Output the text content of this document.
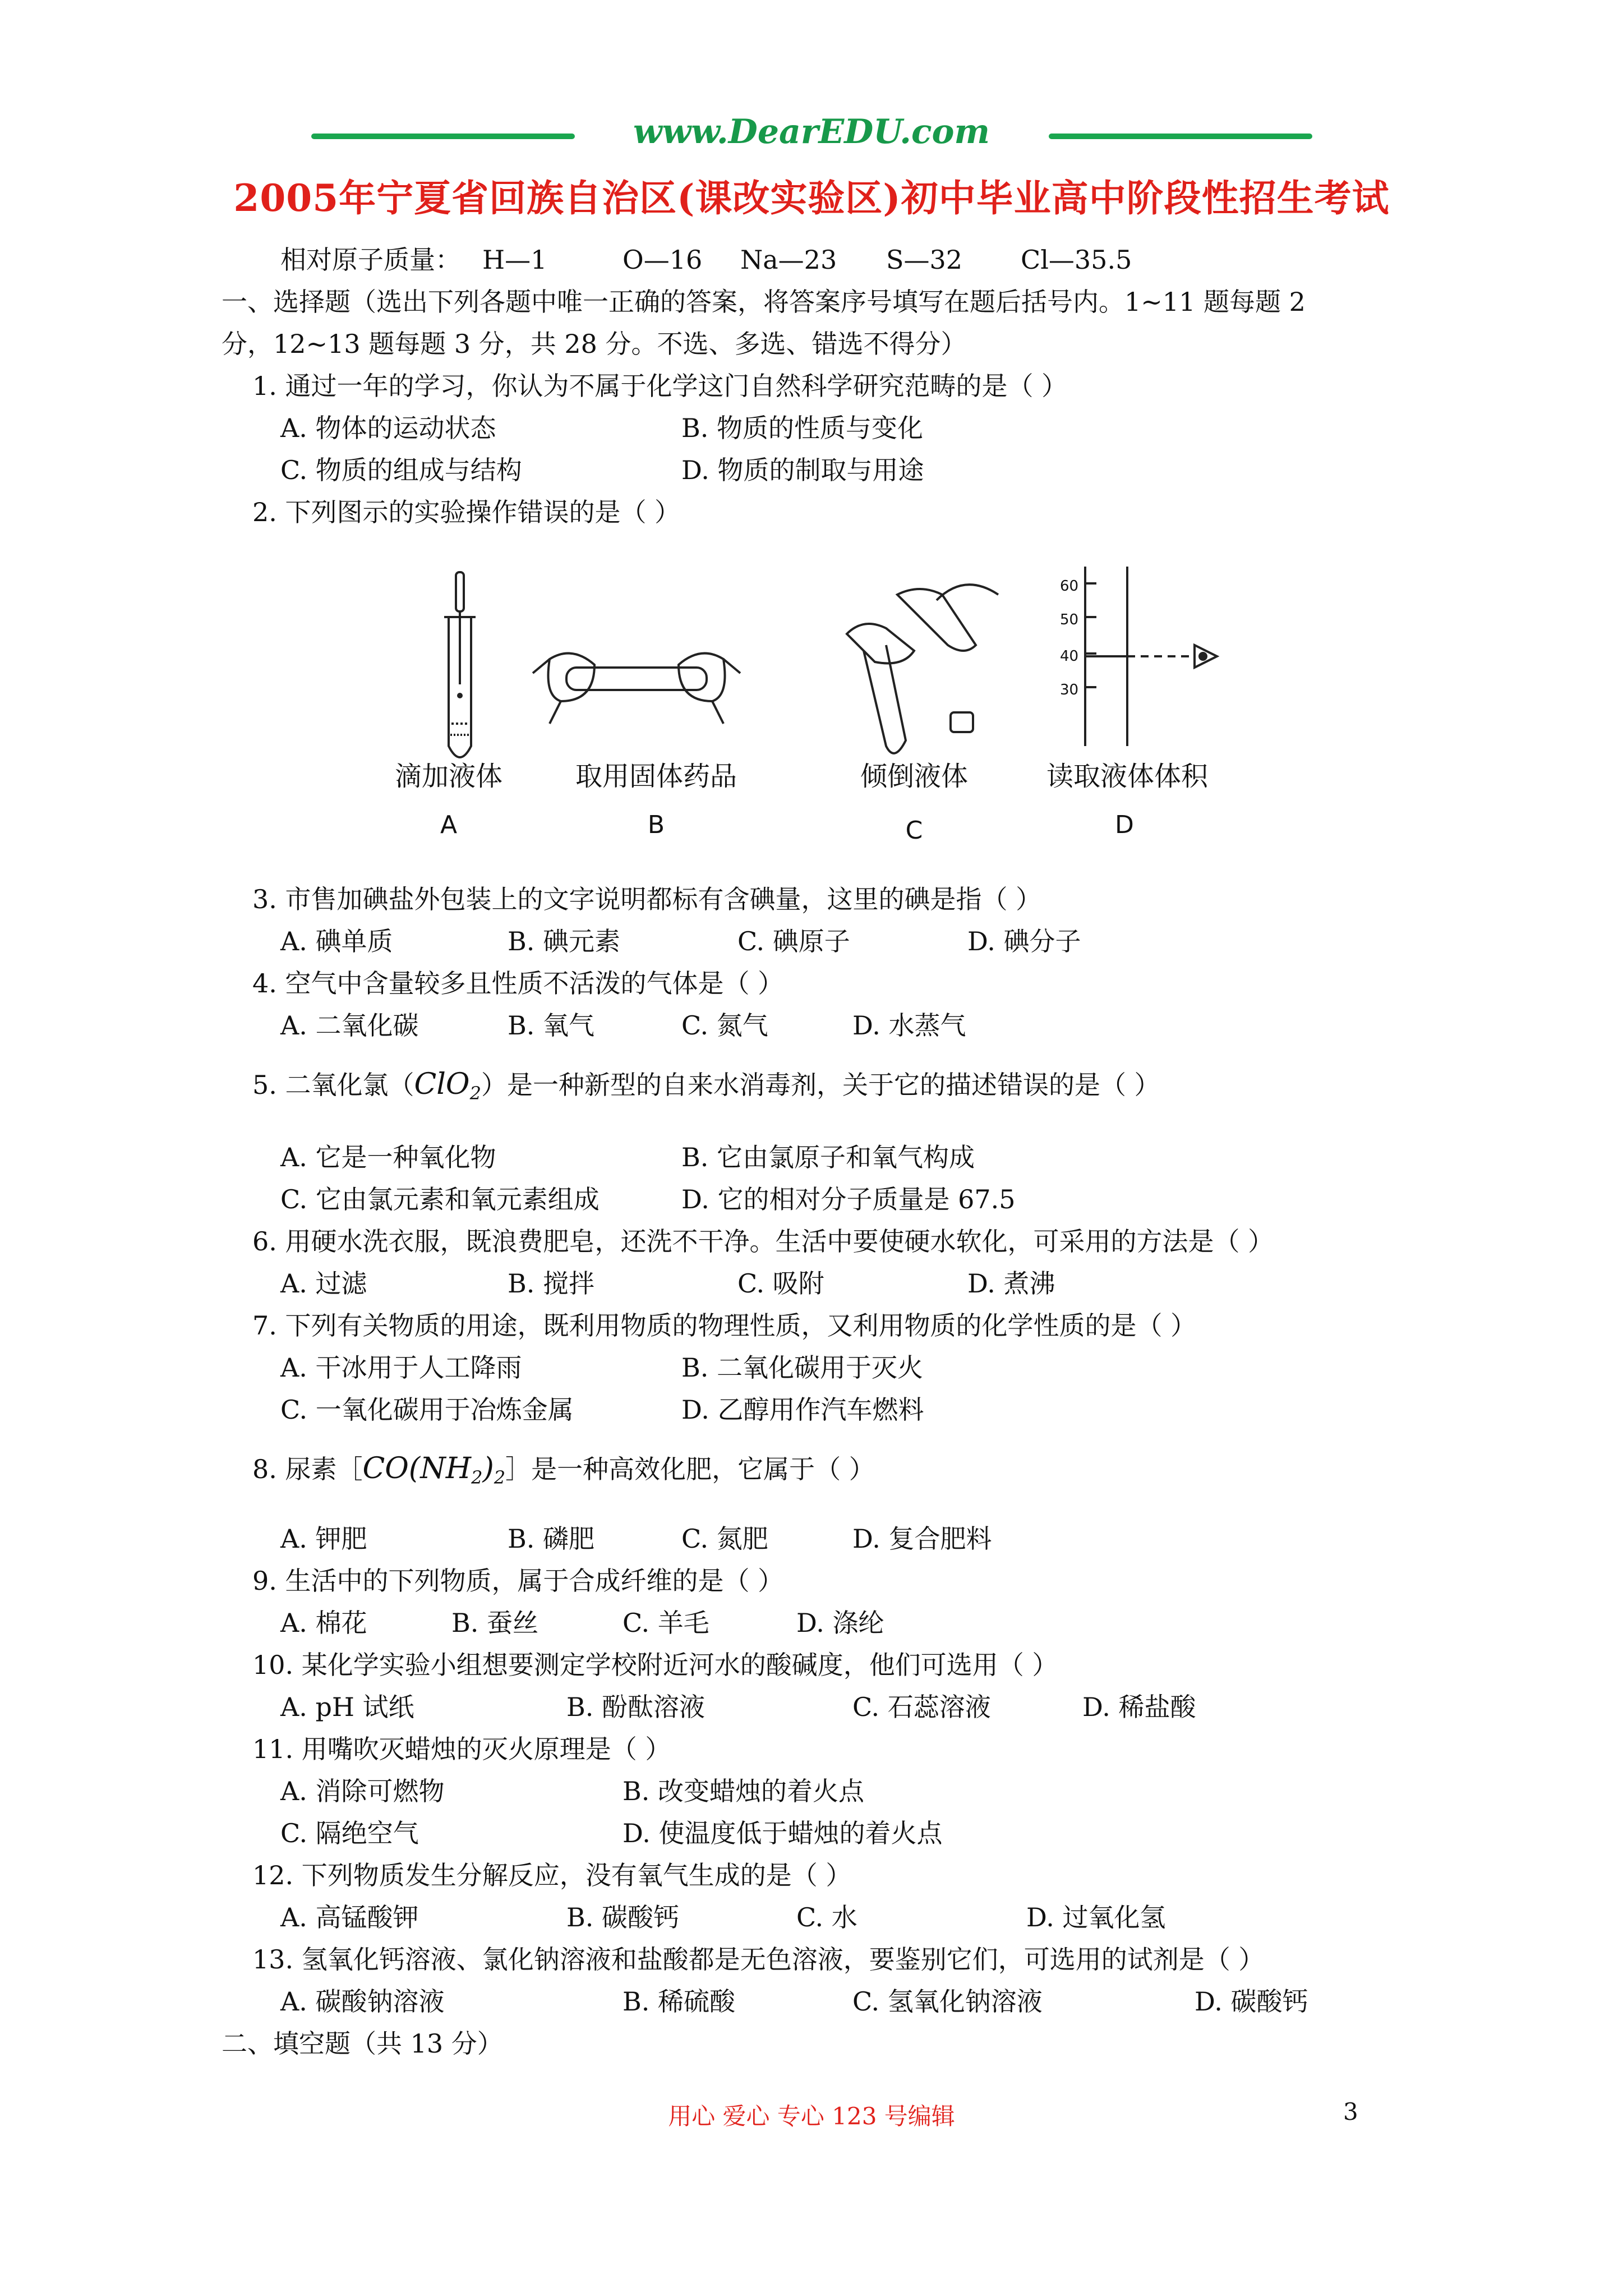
www.DearEDU.com
2005年宁夏省回族自治区(课改实验区)初中毕业高中阶段性招生考试
相对原子质量： H—1	O—16 Na—23 S—32 Cl—35.5
一、选择题（选出下列各题中唯一正确的答案，将答案序号填写在题后括号内。1~11 题每题 2
分，12~13 题每题 3 分，共 28 分。不选、多选、错选不得分）
1. 通过一年的学习，你认为不属于化学这门自然科学研究范畴的是（ ）
A. 物体的运动状态	B. 物质的性质与变化
C. 物质的组成与结构	D. 物质的制取与用途
2. 下列图示的实验操作错误的是（ ）
60
50
40
30
滴加液体	取用固体药品	倾倒液体	读取液体体积
A	B	C	D
3. 市售加碘盐外包装上的文字说明都标有含碘量，这里的碘是指（ ）
A. 碘单质	B. 碘元素	C. 碘原子	D. 碘分子
4. 空气中含量较多且性质不活泼的气体是（ ）
A. 二氧化碳	B. 氧气	C. 氮气	D. 水蒸气
5. 二氧化氯（ClO$_2$）是一种新型的自来水消毒剂，关于它的描述错误的是（ ）
A. 它是一种氧化物	B. 它由氯原子和氧气构成
C. 它由氯元素和氧元素组成	D. 它的相对分子质量是 67.5
6. 用硬水洗衣服，既浪费肥皂，还洗不干净。生活中要使硬水软化，可采用的方法是（ ）
A. 过滤	B. 搅拌	C. 吸附	D. 煮沸
7. 下列有关物质的用途，既利用物质的物理性质，又利用物质的化学性质的是（ ）
A. 干冰用于人工降雨	B. 二氧化碳用于灭火
C. 一氧化碳用于冶炼金属	D. 乙醇用作汽车燃料
8. 尿素$[CO(NH_2)_2]$是一种高效化肥，它属于（ ）
A. 钾肥	B. 磷肥	C. 氮肥	D. 复合肥料
9. 生活中的下列物质，属于合成纤维的是（ ）
A. 棉花	B. 蚕丝	C. 羊毛	D. 涤纶
10. 某化学实验小组想要测定学校附近河水的酸碱度，他们可选用（ ）
A. pH 试纸	B. 酚酞溶液	C. 石蕊溶液	D. 稀盐酸
11. 用嘴吹灭蜡烛的灭火原理是（ ）
A. 消除可燃物	B. 改变蜡烛的着火点
C. 隔绝空气	D. 使温度低于蜡烛的着火点
12. 下列物质发生分解反应，没有氧气生成的是（ ）
A. 高锰酸钾	B. 碳酸钙	C. 水	D. 过氧化氢
13. 氢氧化钙溶液、氯化钠溶液和盐酸都是无色溶液，要鉴别它们，可选用的试剂是（ ）
A. 碳酸钠溶液	B. 稀硫酸	C. 氢氧化钠溶液	D. 碳酸钙
二、填空题（共 13 分）
用心 爱心 专心 123 号编辑	3
